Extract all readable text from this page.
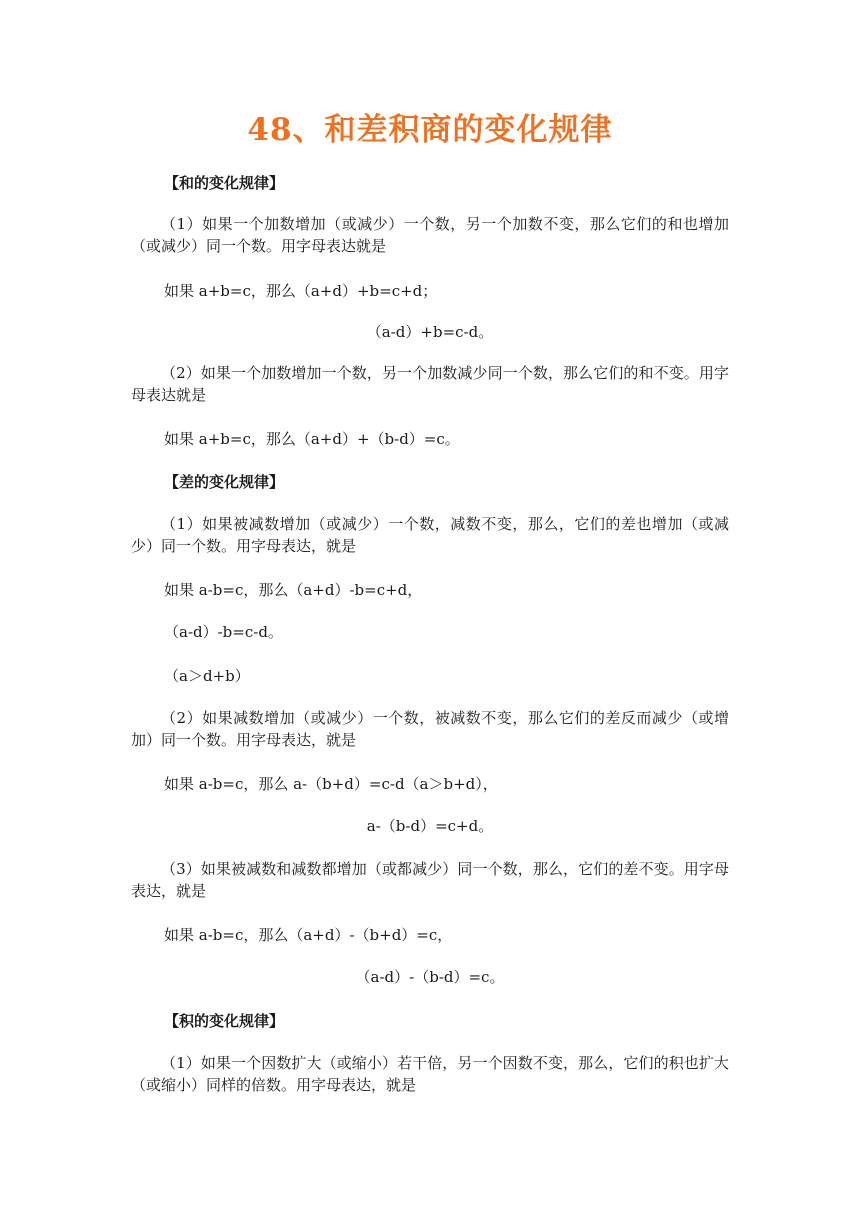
48、和差积商的变化规律
【和的变化规律】
（1）如果一个加数增加（或减少）一个数，另一个加数不变，那么它们的和也增加（或减少）同一个数。用字母表达就是
如果 a+b=c，那么（a+d）+b=c+d；
（a-d）+b=c-d。
（2）如果一个加数增加一个数，另一个加数减少同一个数，那么它们的和不变。用字母表达就是
如果 a+b=c，那么（a+d）+（b-d）=c。
【差的变化规律】
（1）如果被减数增加（或减少）一个数，减数不变，那么，它们的差也增加（或减少）同一个数。用字母表达，就是
如果 a-b=c，那么（a+d）-b=c+d，
（a-d）-b=c-d。
（a＞d+b）
（2）如果减数增加（或减少）一个数，被减数不变，那么它们的差反而减少（或增加）同一个数。用字母表达，就是
如果 a-b=c，那么 a-（b+d）=c-d（a＞b+d），
a-（b-d）=c+d。
（3）如果被减数和减数都增加（或都减少）同一个数，那么，它们的差不变。用字母表达，就是
如果 a-b=c，那么（a+d）-（b+d）=c，
（a-d）-（b-d）=c。
【积的变化规律】
（1）如果一个因数扩大（或缩小）若干倍，另一个因数不变，那么，它们的积也扩大（或缩小）同样的倍数。用字母表达，就是
